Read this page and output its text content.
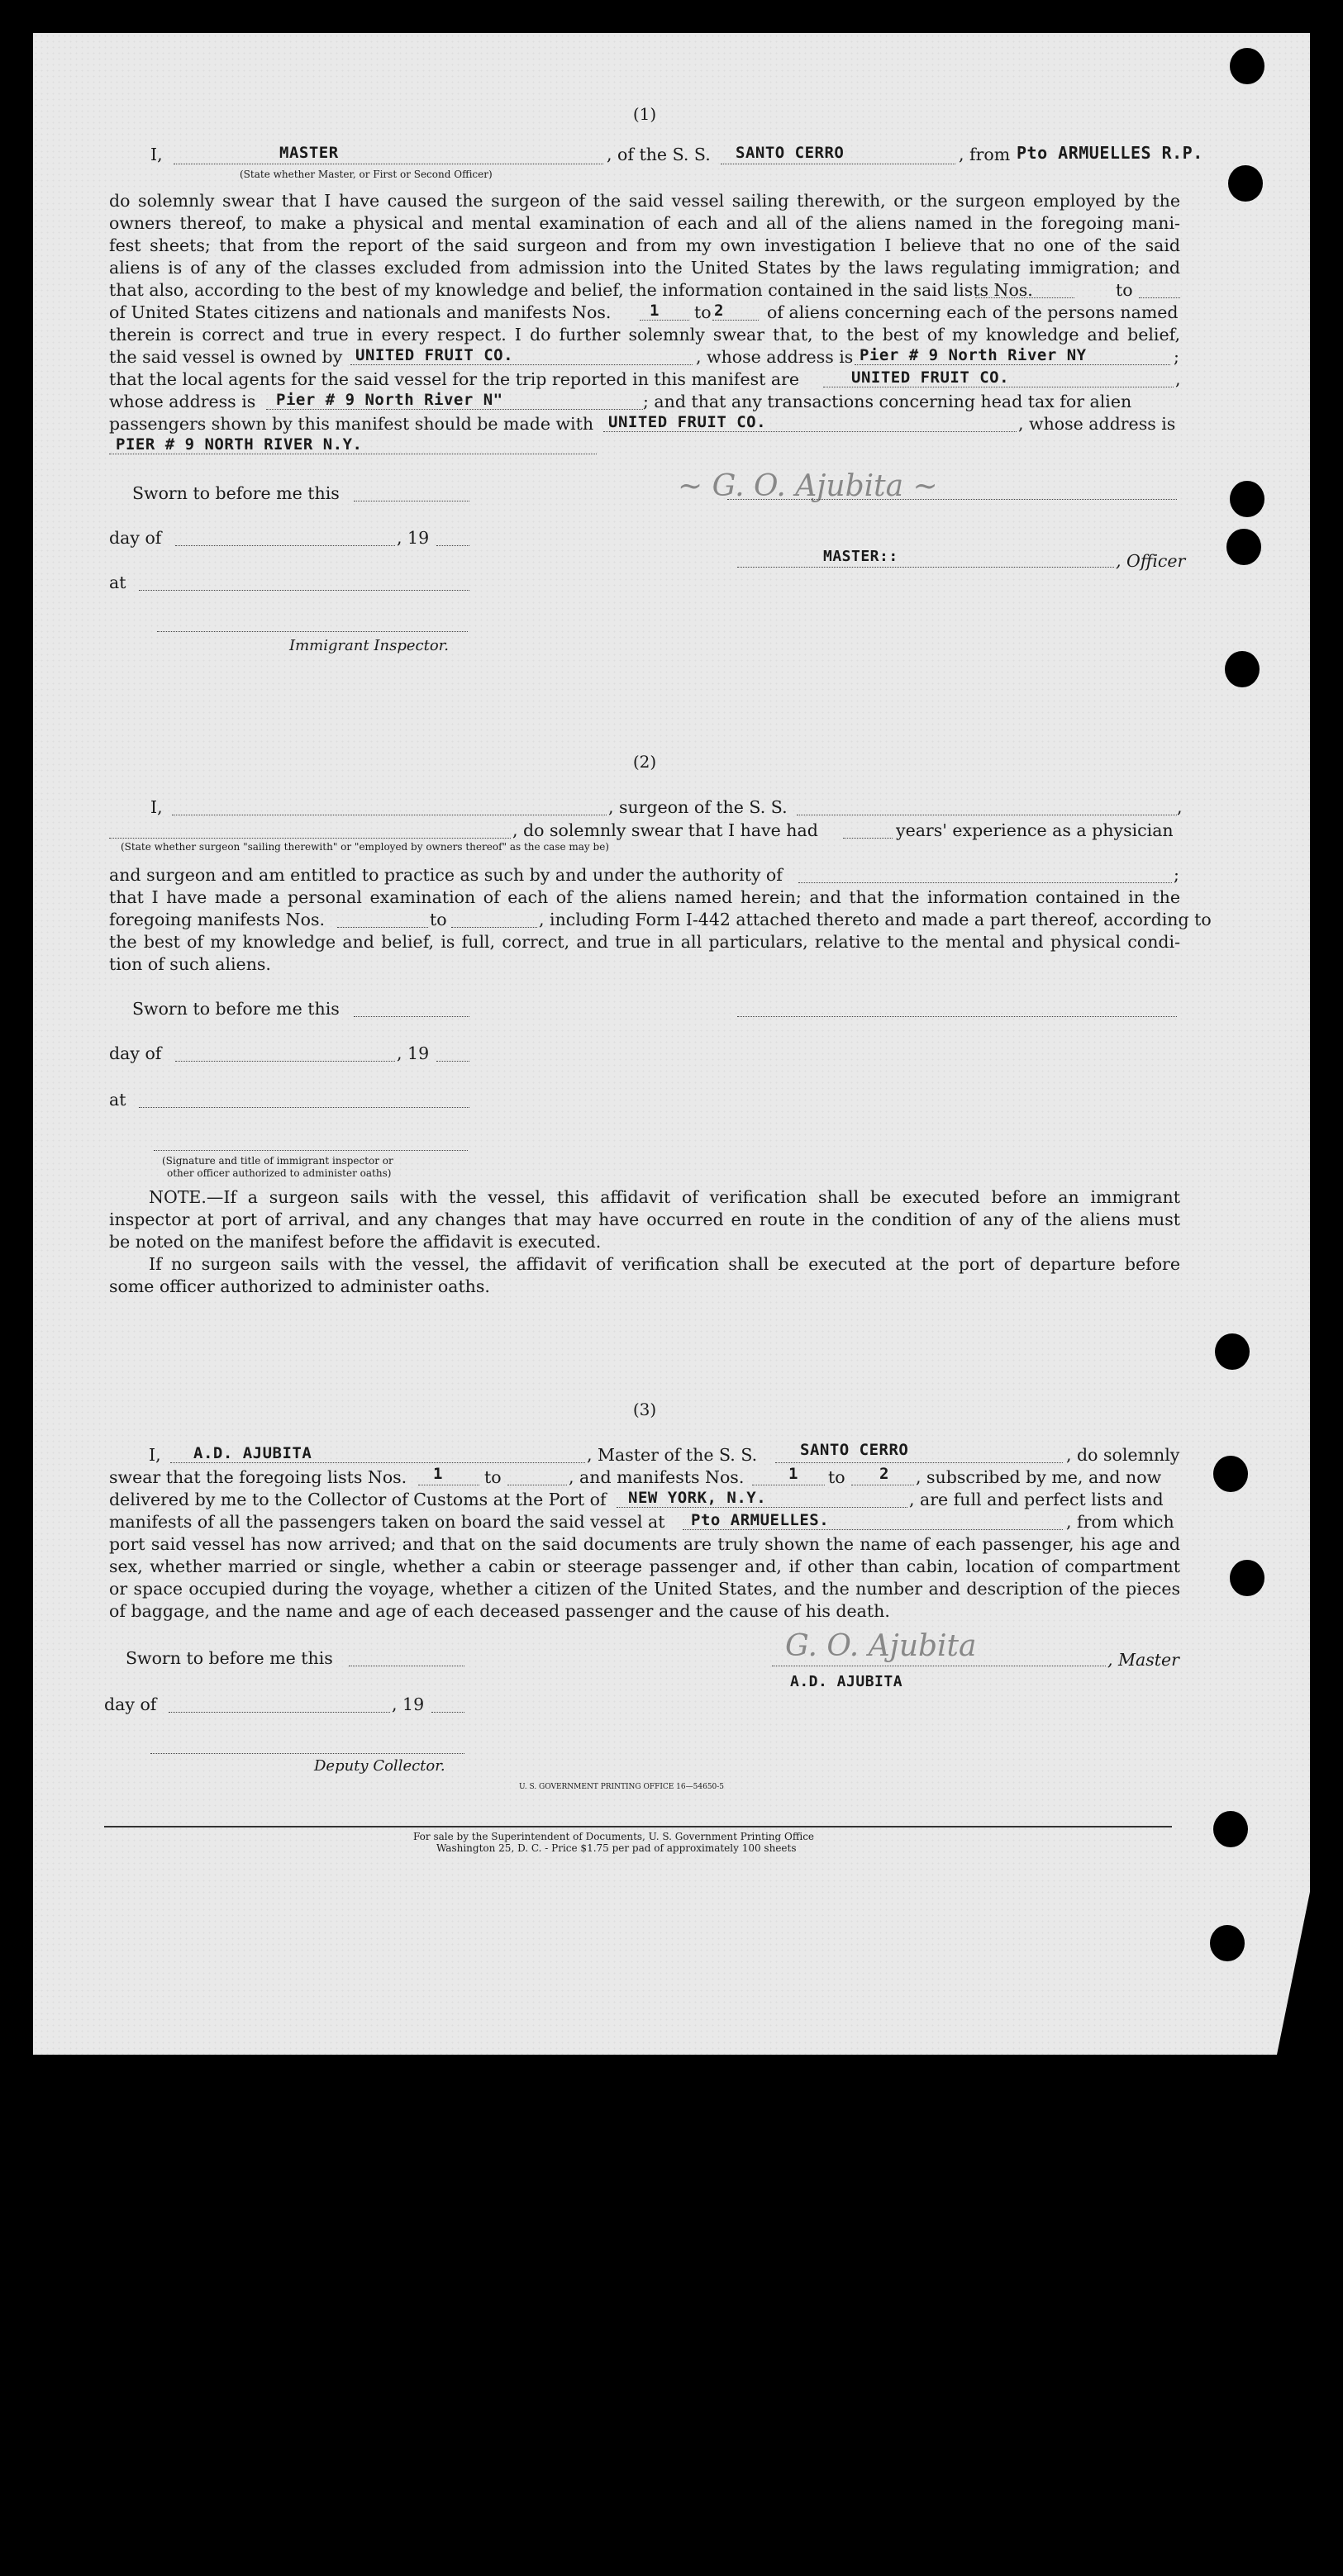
(1)
I,	MASTER	, of the S. S. SANTO CERRO	, from Pto ARMUELLES R.P.
(State whether Master, or First or Second Officer)
do solemnly swear that I have caused the surgeon of the said vessel sailing therewith, or the surgeon employed by the
owners thereof, to make a physical and mental examination of each and all of the aliens named in the foregoing mani-
fest sheets; that from the report of the said surgeon and from my own investigation I believe that no one of the said
aliens is of any of the classes excluded from admission into the United States by the laws regulating immigration; and
that also, according to the best of my knowledge and belief, the information contained in the said lists Nos.	to
of United States citizens and nationals and manifests Nos. 1 to 2	of aliens concerning each of the persons named
therein is correct and true in every respect. I do further solemnly swear that, to the best of my knowledge and belief,
the said vessel is owned by UNITED FRUIT CO.	, whose address is Pier # 9 North River NY	;
that the local agents for the said vessel for the trip reported in this manifest are	UNITED FRUIT CO.	,
whose address is Pier # 9 North River N"	; and that any transactions concerning head tax for alien
passengers shown by this manifest should be made with UNITED FRUIT CO.	, whose address is
PIER # 9 NORTH RIVER N.Y.
Sworn to before me this
day of	, 19
at
Immigrant Inspector.
~ G. O. Ajubita ~
MASTER::	, Officer
(2)
I,	, surgeon of the S. S.	,
, do solemnly swear that I have had	years' experience as a physician
(State whether surgeon "sailing therewith" or "employed by owners thereof" as the case may be)
and surgeon and am entitled to practice as such by and under the authority of	;
that I have made a personal examination of each of the aliens named herein; and that the information contained in the
foregoing manifests Nos.	to	, including Form I-442 attached thereto and made a part thereof, according to
the best of my knowledge and belief, is full, correct, and true in all particulars, relative to the mental and physical condi-
tion of such aliens.
Sworn to before me this
day of	, 19
at
(Signature and title of immigrant inspector or
other officer authorized to administer oaths)
NOTE.—If a surgeon sails with the vessel, this affidavit of verification shall be executed before an immigrant
inspector at port of arrival, and any changes that may have occurred en route in the condition of any of the aliens must
be noted on the manifest before the affidavit is executed.
If no surgeon sails with the vessel, the affidavit of verification shall be executed at the port of departure before
some officer authorized to administer oaths.
(3)
I, A.D. AJUBITA	, Master of the S. S.	SANTO CERRO	, do solemnly
swear that the foregoing lists Nos. 1 to	, and manifests Nos.	1 to 2 , subscribed by me, and now
delivered by me to the Collector of Customs at the Port of NEW YORK, N.Y.	, are full and perfect lists and
manifests of all the passengers taken on board the said vessel at Pto ARMUELLES.	, from which
port said vessel has now arrived; and that on the said documents are truly shown the name of each passenger, his age and
sex, whether married or single, whether a cabin or steerage passenger and, if other than cabin, location of compartment
or space occupied during the voyage, whether a citizen of the United States, and the number and description of the pieces
of baggage, and the name and age of each deceased passenger and the cause of his death.
Sworn to before me this	G. O. Ajubita	, Master
A.D. AJUBITA
day of	, 19
Deputy Collector.
U. S. GOVERNMENT PRINTING OFFICE 16—54650-5
For sale by the Superintendent of Documents, U. S. Government Printing Office
Washington 25, D. C. - Price $1.75 per pad of approximately 100 sheets
